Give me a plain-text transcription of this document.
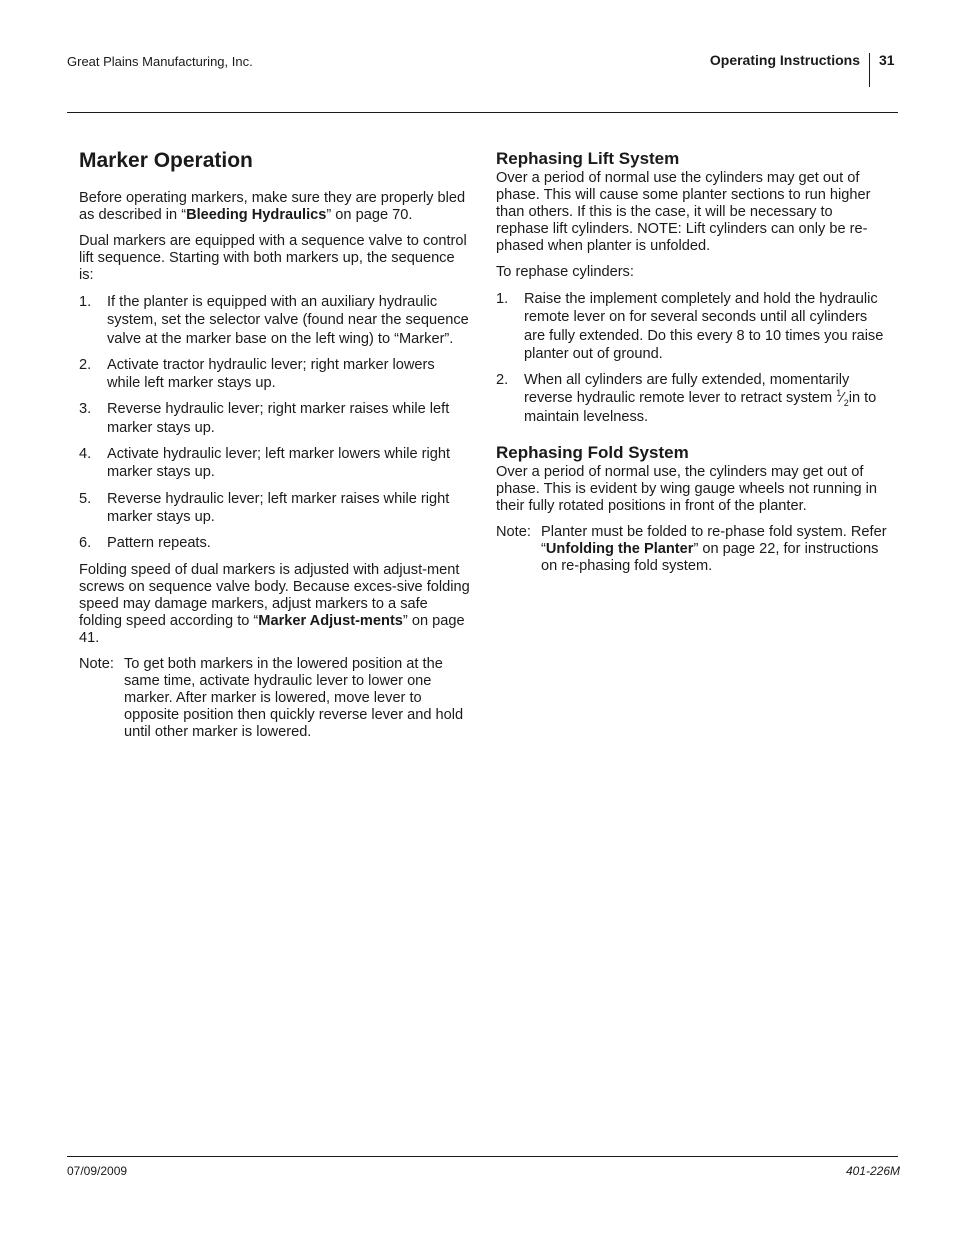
Great Plains Manufacturing, Inc.	Operating Instructions 31
Marker Operation

Before operating markers, make sure they are properly bled as described in “Bleeding Hydraulics” on page 70.

Dual markers are equipped with a sequence valve to control lift sequence. Starting with both markers up, the sequence is:

1. If the planter is equipped with an auxiliary hydraulic system, set the selector valve (found near the sequence valve at the marker base on the left wing) to “Marker”.
2. Activate tractor hydraulic lever; right marker lowers while left marker stays up.
3. Reverse hydraulic lever; right marker raises while left marker stays up.
4. Activate hydraulic lever; left marker lowers while right marker stays up.
5. Reverse hydraulic lever; left marker raises while right marker stays up.
6. Pattern repeats.

Folding speed of dual markers is adjusted with adjust-ment screws on sequence valve body. Because exces-sive folding speed may damage markers, adjust markers to a safe folding speed according to “Marker Adjust-ments” on page 41.

Note: To get both markers in the lowered position at the same time, activate hydraulic lever to lower one marker. After marker is lowered, move lever to opposite position then quickly reverse lever and hold until other marker is lowered.
Rephasing Lift System

Over a period of normal use the cylinders may get out of phase. This will cause some planter sections to run higher than others. If this is the case, it will be necessary to rephase lift cylinders. NOTE: Lift cylinders can only be re-phased when planter is unfolded.

To rephase cylinders:

1. Raise the implement completely and hold the hydraulic remote lever on for several seconds until all cylinders are fully extended. Do this every 8 to 10 times you raise planter out of ground.
2. When all cylinders are fully extended, momentarily reverse hydraulic remote lever to retract system $^1⁄_2in$ to maintain levelness.
Rephasing Fold System

Over a period of normal use, the cylinders may get out of phase. This is evident by wing gauge wheels not running in their fully rotated positions in front of the planter.

Note: Planter must be folded to re-phase fold system. Refer “Unfolding the Planter” on page 22, for instructions on re-phasing fold system.
07/09/2009	401-226M
